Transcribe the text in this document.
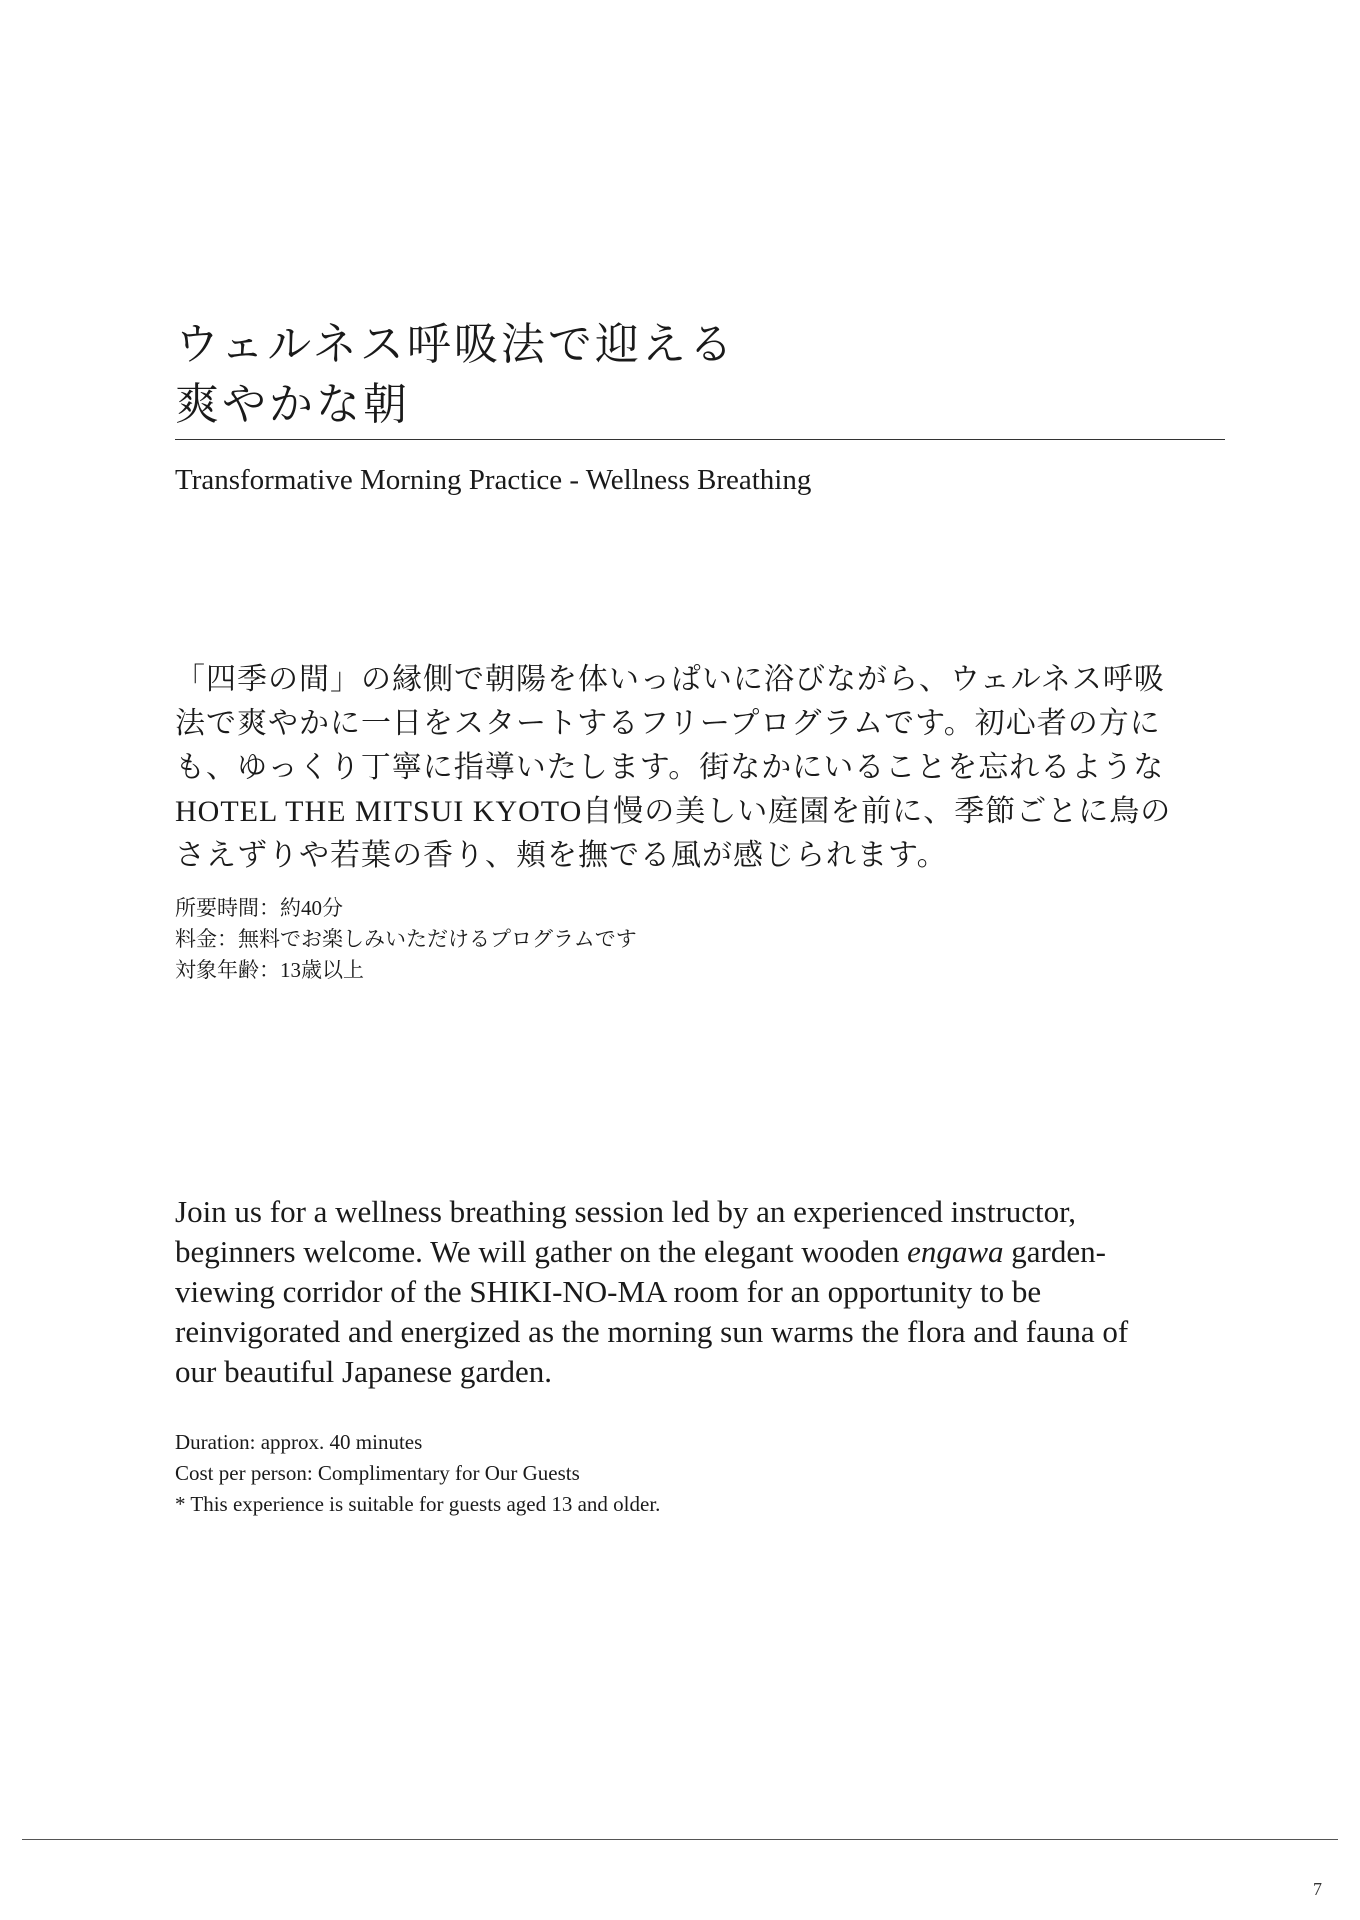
ウェルネス呼吸法で迎える
爽やかな朝

Transformative Morning Practice - Wellness Breathing

「四季の間」の縁側で朝陽を体いっぱいに浴びながら、ウェルネス呼吸
法で爽やかに一日をスタートするフリープログラムです。初心者の方に
も、ゆっくり丁寧に指導いたします。街なかにいることを忘れるような
HOTEL THE MITSUI KYOTO自慢の美しい庭園を前に、季節ごとに鳥の
さえずりや若葉の香り、頬を撫でる風が感じられます。

所要時間：約40分
料金：無料でお楽しみいただけるプログラムです
対象年齢：13歳以上

Join us for a wellness breathing session led by an experienced instructor,
beginners welcome. We will gather on the elegant wooden engawa garden-
viewing corridor of the SHIKI-NO-MA room for an opportunity to be
reinvigorated and energized as the morning sun warms the flora and fauna of
our beautiful Japanese garden.

Duration: approx. 40 minutes
Cost per person: Complimentary for Our Guests
* This experience is suitable for guests aged 13 and older.

7
